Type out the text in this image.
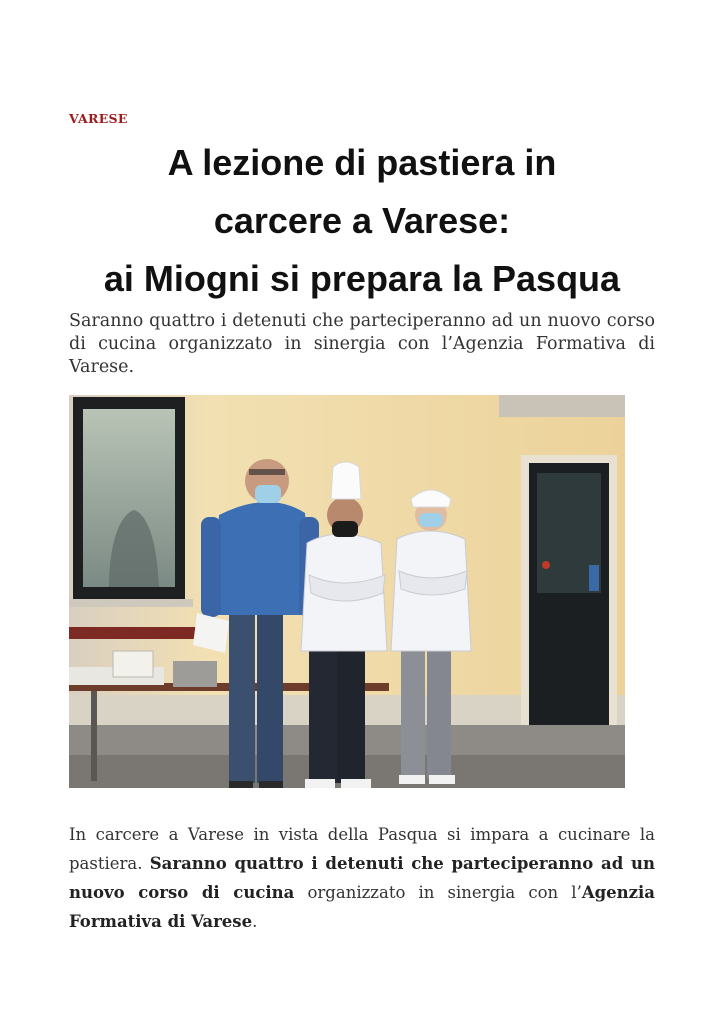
VARESE
A lezione di pastiera in
carcere a Varese:
ai Miogni si prepara la Pasqua

Saranno quattro i detenuti che parteciperanno ad un nuovo corso di cucina organizzato in sinergia con l’Agenzia Formativa di Varese.

In carcere a Varese in vista della Pasqua si impara a cucinare la pastiera. Saranno quattro i detenuti che parteciperanno ad un nuovo corso di cucina organizzato in sinergia con l’Agenzia Formativa di Varese.
